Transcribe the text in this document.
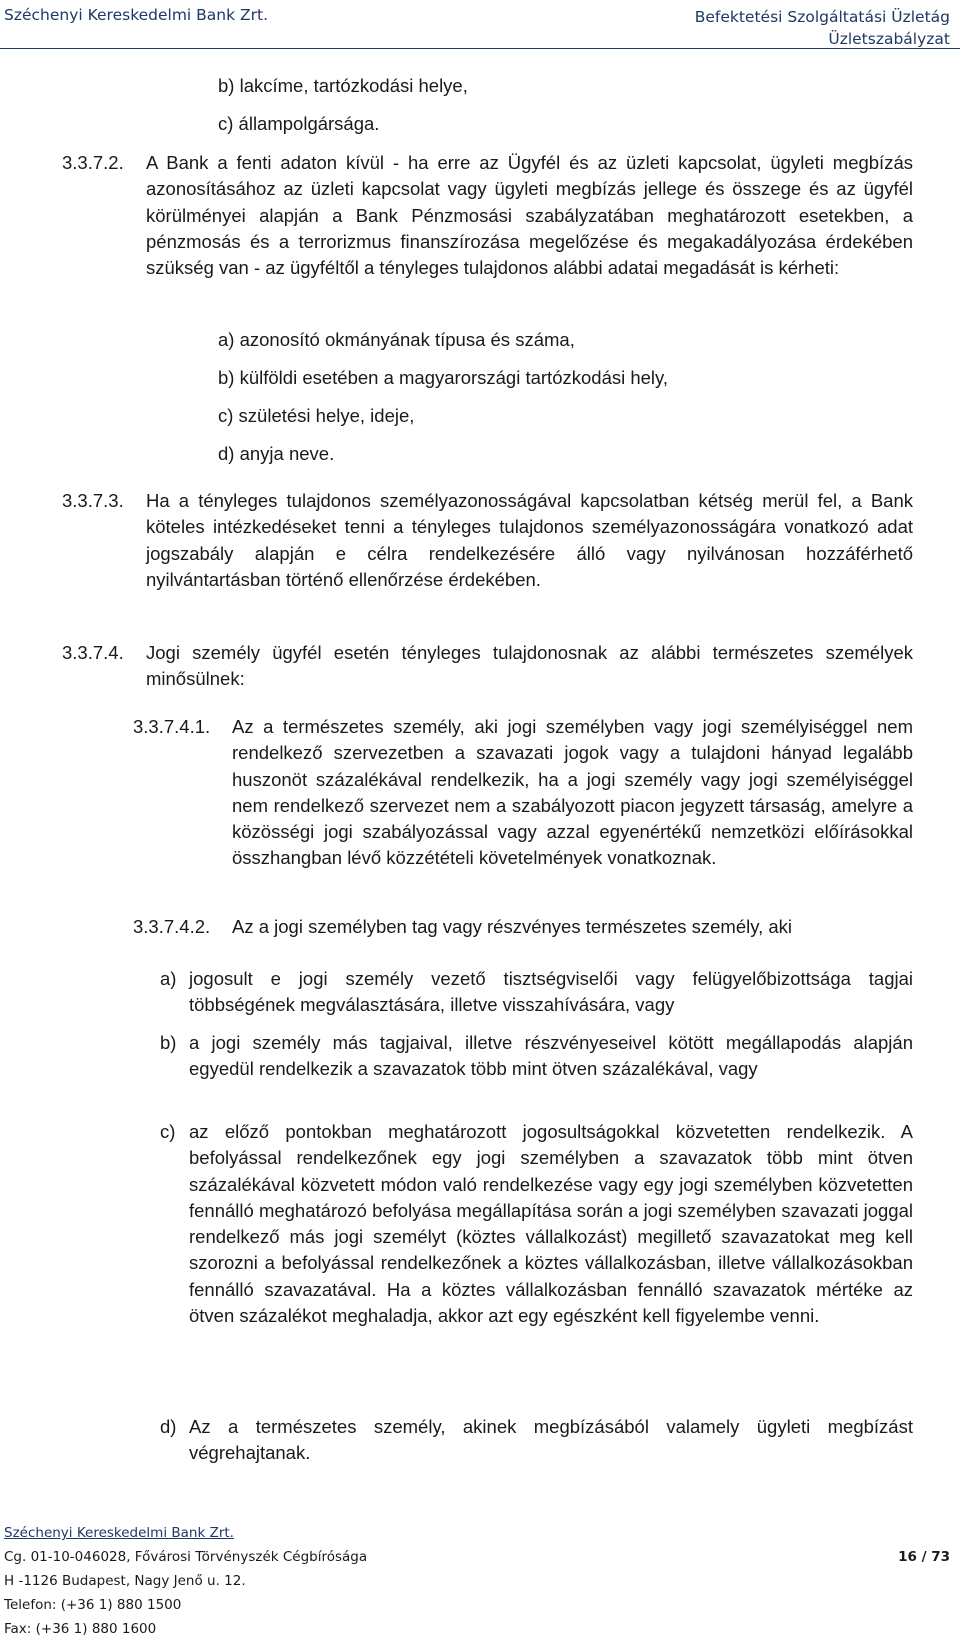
Széchenyi Kereskedelmi Bank Zrt.	Befektetési Szolgáltatási Üzletág
Üzletszabályzat
b) lakcíme, tartózkodási helye,
c) állampolgársága.
3.3.7.2. A Bank a fenti adaton kívül - ha erre az Ügyfél és az üzleti kapcsolat, ügyleti megbízás azonosításához az üzleti kapcsolat vagy ügyleti megbízás jellege és összege és az ügyfél körülményei alapján a Bank Pénzmosási szabályzatában meghatározott esetekben, a pénzmosás és a terrorizmus finanszírozása megelőzése és megakadályozása érdekében szükség van - az ügyféltől a tényleges tulajdonos alábbi adatai megadását is kérheti:
a) azonosító okmányának típusa és száma,
b) külföldi esetében a magyarországi tartózkodási hely,
c) születési helye, ideje,
d) anyja neve.
3.3.7.3. Ha a tényleges tulajdonos személyazonosságával kapcsolatban kétség merül fel, a Bank köteles intézkedéseket tenni a tényleges tulajdonos személyazonosságára vonatkozó adat jogszabály alapján e célra rendelkezésére álló vagy nyilvánosan hozzáférhető nyilvántartásban történő ellenőrzése érdekében.
3.3.7.4. Jogi személy ügyfél esetén tényleges tulajdonosnak az alábbi természetes személyek minősülnek:
3.3.7.4.1. Az a természetes személy, aki jogi személyben vagy jogi személyiséggel nem rendelkező szervezetben a szavazati jogok vagy a tulajdoni hányad legalább huszonöt százalékával rendelkezik, ha a jogi személy vagy jogi személyiséggel nem rendelkező szervezet nem a szabályozott piacon jegyzett társaság, amelyre a közösségi jogi szabályozással vagy azzal egyenértékű nemzetközi előírásokkal összhangban lévő közzétételi követelmények vonatkoznak.
3.3.7.4.2. Az a jogi személyben tag vagy részvényes természetes személy, aki
a) jogosult e jogi személy vezető tisztségviselői vagy felügyelőbizottsága tagjai többségének megválasztására, illetve visszahívására, vagy
b) a jogi személy más tagjaival, illetve részvényeseivel kötött megállapodás alapján egyedül rendelkezik a szavazatok több mint ötven százalékával, vagy
c) az előző pontokban meghatározott jogosultságokkal közvetetten rendelkezik. A befolyással rendelkezőnek egy jogi személyben a szavazatok több mint ötven százalékával közvetett módon való rendelkezése vagy egy jogi személyben közvetetten fennálló meghatározó befolyása megállapítása során a jogi személyben szavazati joggal rendelkező más jogi személyt (köztes vállalkozást) megillető szavazatokat meg kell szorozni a befolyással rendelkezőnek a köztes vállalkozásban, illetve vállalkozásokban fennálló szavazatával. Ha a köztes vállalkozásban fennálló szavazatok mértéke az ötven százalékot meghaladja, akkor azt egy egészként kell figyelembe venni.
d) Az a természetes személy, akinek megbízásából valamely ügyleti megbízást végrehajtanak.
Széchenyi Kereskedelmi Bank Zrt.
Cg. 01-10-046028, Fővárosi Törvényszék Cégbírósága
H -1126 Budapest, Nagy Jenő u. 12.
Telefon: (+36 1) 880 1500
Fax: (+36 1) 880 1600
16 / 73
